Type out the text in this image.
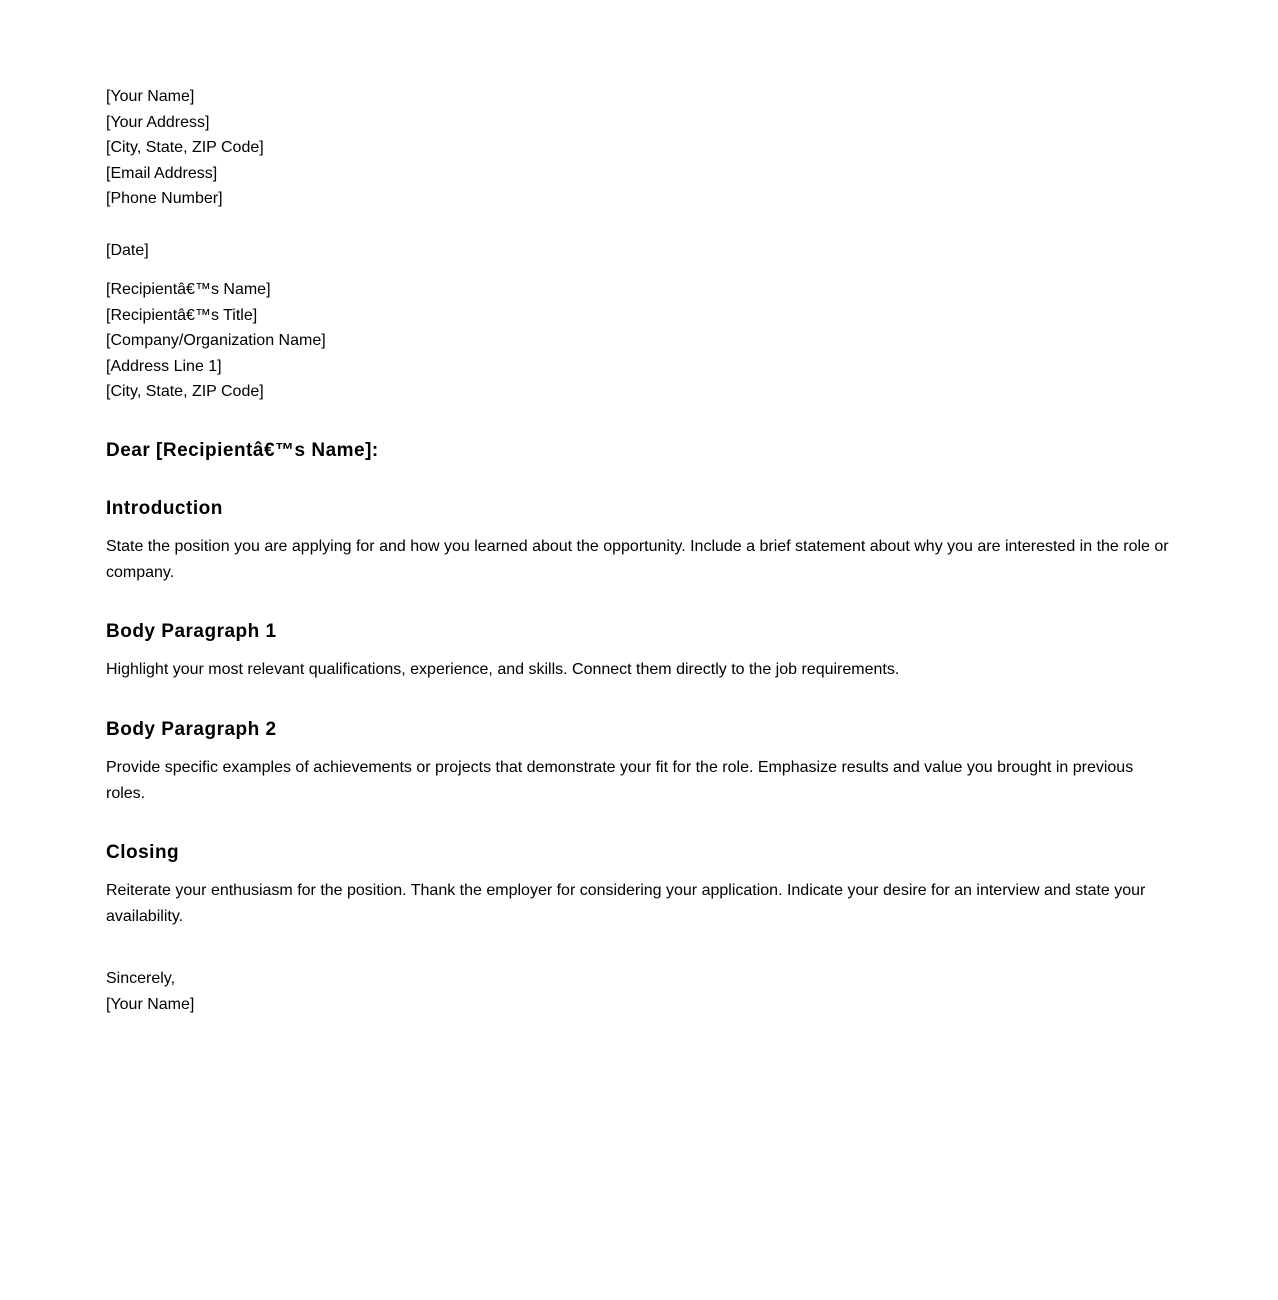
[Your Name]
[Your Address]
[City, State, ZIP Code]
[Email Address]
[Phone Number]
[Date]
[Recipientâ€™s Name]
[Recipientâ€™s Title]
[Company/Organization Name]
[Address Line 1]
[City, State, ZIP Code]
Dear [Recipientâ€™s Name]:
Introduction

State the position you are applying for and how you learned about the opportunity. Include a brief statement about why you are interested in the role or company.

Body Paragraph 1

Highlight your most relevant qualifications, experience, and skills. Connect them directly to the job requirements.

Body Paragraph 2

Provide specific examples of achievements or projects that demonstrate your fit for the role. Emphasize results and value you brought in previous roles.

Closing

Reiterate your enthusiasm for the position. Thank the employer for considering your application. Indicate your desire for an interview and state your availability.

Sincerely,
[Your Name]
